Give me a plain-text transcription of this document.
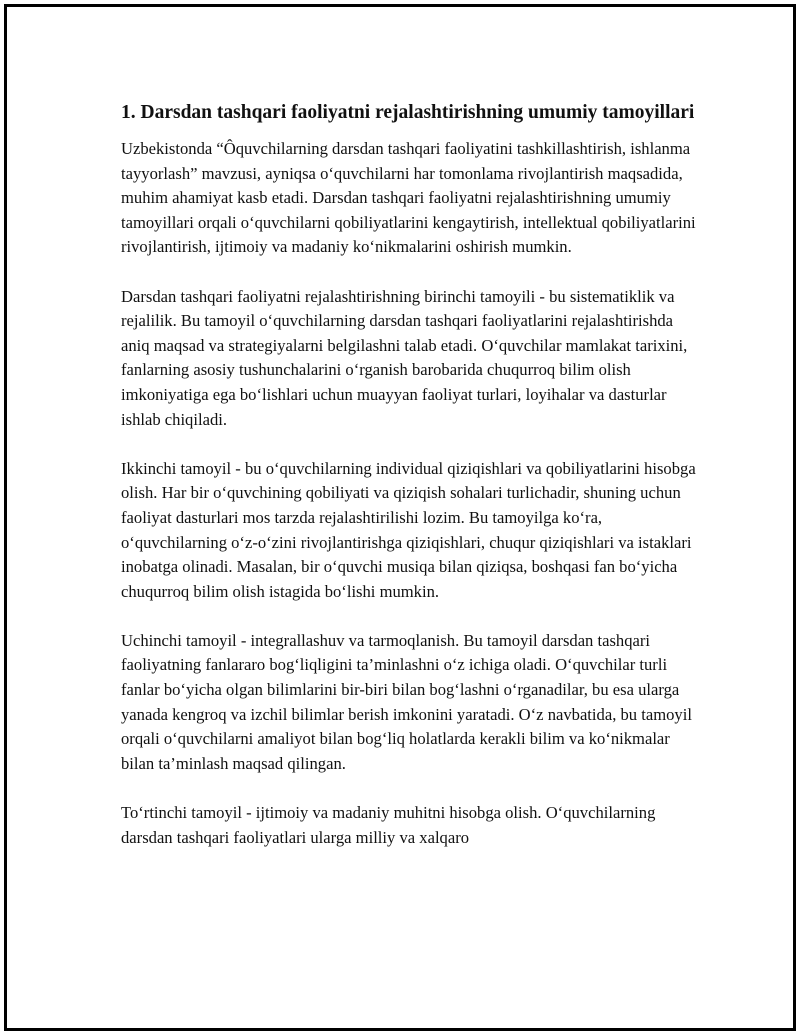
1. Darsdan tashqari faoliyatni rejalashtirishning umumiy tamoyillari

Uzbekistonda “Ôquvchilarning darsdan tashqari faoliyatini tashkillashtirish, ishlanma tayyorlash” mavzusi, ayniqsa o‘quvchilarni har tomonlama rivojlantirish maqsadida, muhim ahamiyat kasb etadi. Darsdan tashqari faoliyatni rejalashtirishning umumiy tamoyillari orqali o‘quvchilarni qobiliyatlarini kengaytirish, intellektual qobiliyatlarini rivojlantirish, ijtimoiy va madaniy ko‘nikmalarini oshirish mumkin.

Darsdan tashqari faoliyatni rejalashtirishning birinchi tamoyili - bu sistematiklik va rejalilik. Bu tamoyil o‘quvchilarning darsdan tashqari faoliyatlarini rejalashtirishda aniq maqsad va strategiyalarni belgilashni talab etadi. O‘quvchilar mamlakat tarixini, fanlarning asosiy tushunchalarini o‘rganish barobarida chuqurroq bilim olish imkoniyatiga ega bo‘lishlari uchun muayyan faoliyat turlari, loyihalar va dasturlar ishlab chiqiladi.

Ikkinchi tamoyil - bu o‘quvchilarning individual qiziqishlari va qobiliyatlarini hisobga olish. Har bir o‘quvchining qobiliyati va qiziqish sohalari turlichadir, shuning uchun faoliyat dasturlari mos tarzda rejalashtirilishi lozim. Bu tamoyilga ko‘ra, o‘quvchilarning o‘z-o‘zini rivojlantirishga qiziqishlari, chuqur qiziqishlari va istaklari inobatga olinadi. Masalan, bir o‘quvchi musiqa bilan qiziqsa, boshqasi fan bo‘yicha chuqurroq bilim olish istagida bo‘lishi mumkin.

Uchinchi tamoyil - integrallashuv va tarmoqlanish. Bu tamoyil darsdan tashqari faoliyatning fanlararo bog‘liqligini ta’minlashni o‘z ichiga oladi. O‘quvchilar turli fanlar bo‘yicha olgan bilimlarini bir-biri bilan bog‘lashni o‘rganadilar, bu esa ularga yanada kengroq va izchil bilimlar berish imkonini yaratadi. O‘z navbatida, bu tamoyil orqali o‘quvchilarni amaliyot bilan bog‘liq holatlarda kerakli bilim va ko‘nikmalar bilan ta’minlash maqsad qilingan.

To‘rtinchi tamoyil - ijtimoiy va madaniy muhitni hisobga olish. O‘quvchilarning darsdan tashqari faoliyatlari ularga milliy va xalqaro
